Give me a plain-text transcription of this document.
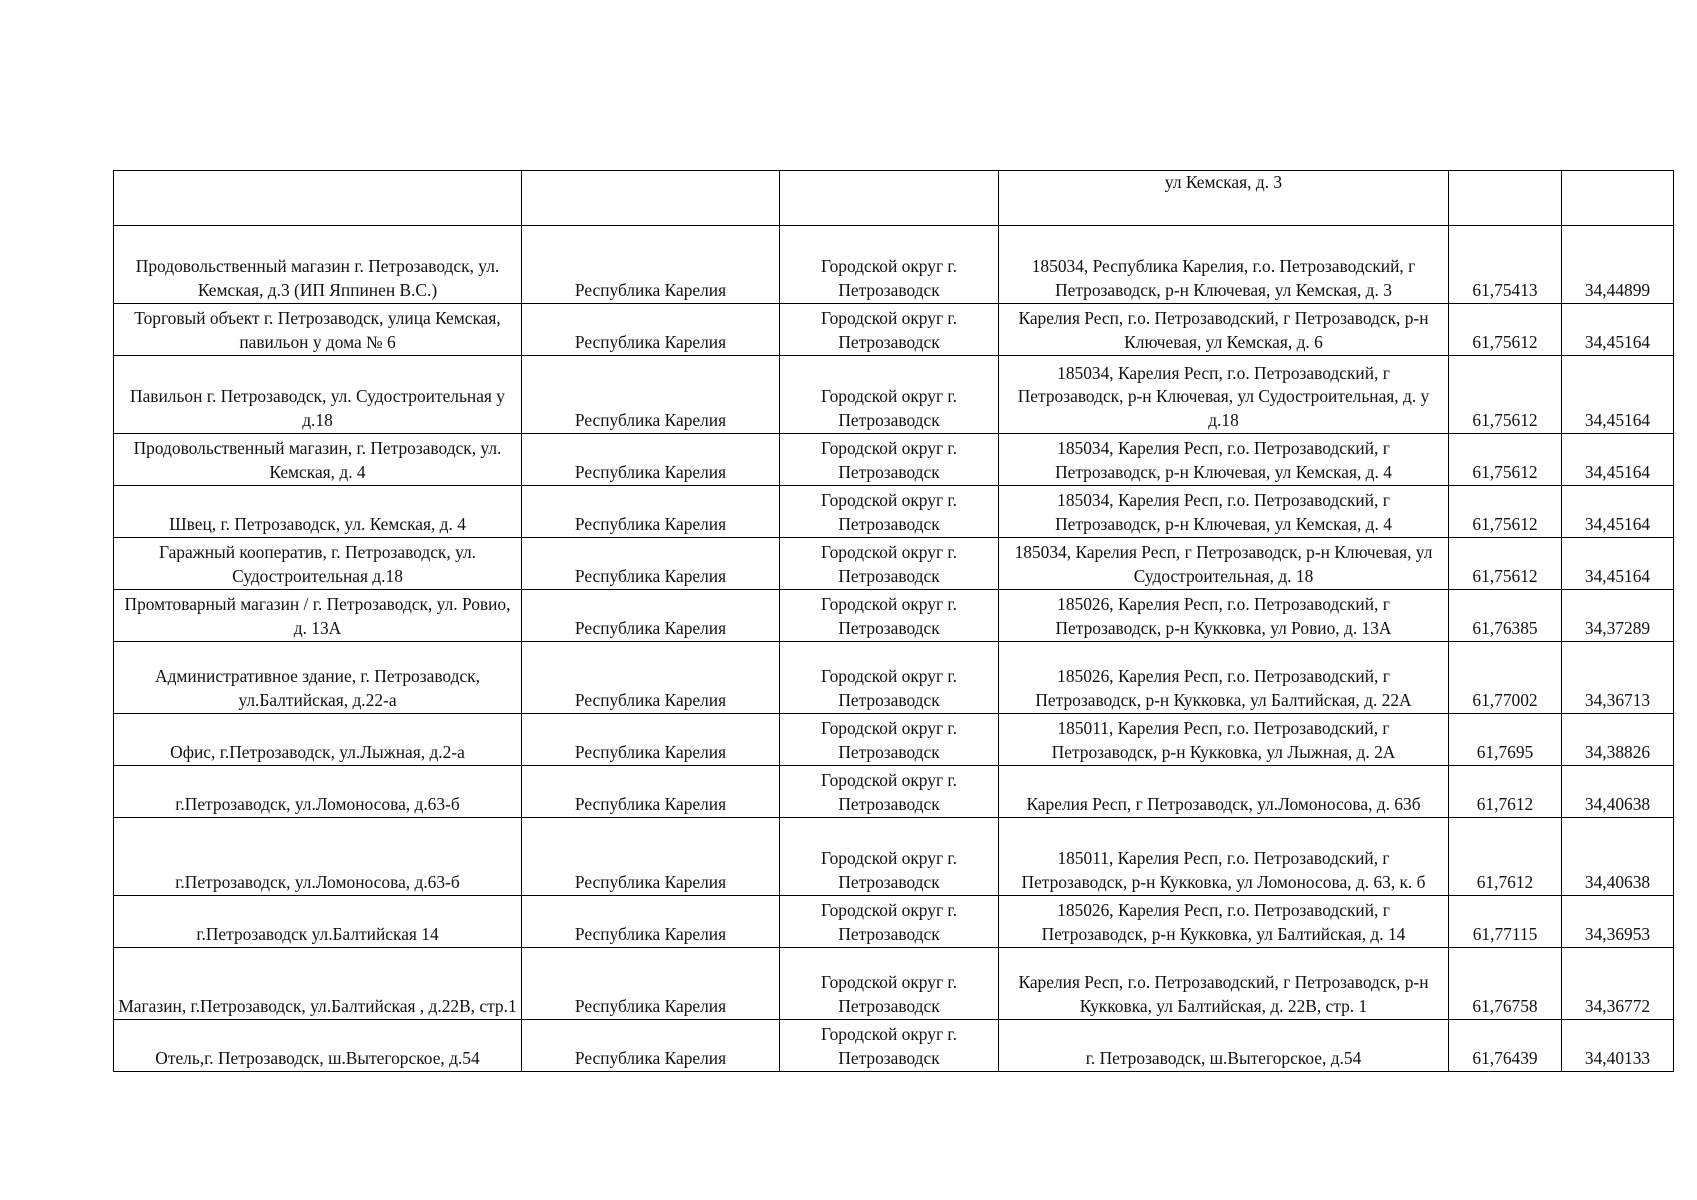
			ул Кемская, д. 3		
Продовольственный магазин г. Петрозаводск, ул. Кемская, д.3 (ИП Яппинен В.С.)	Республика Карелия	Городской округ г. Петрозаводск	185034, Республика Карелия, г.о. Петрозаводский, г Петрозаводск, р-н Ключевая, ул Кемская, д. 3	61,75413	34,44899
Торговый объект г. Петрозаводск, улица Кемская, павильон у дома № 6	Республика Карелия	Городской округ г. Петрозаводск	Карелия Респ, г.о. Петрозаводский, г Петрозаводск, р-н Ключевая, ул Кемская, д. 6	61,75612	34,45164
Павильон г. Петрозаводск, ул. Судостроительная у д.18	Республика Карелия	Городской округ г. Петрозаводск	185034, Карелия Респ, г.о. Петрозаводский, г Петрозаводск, р-н Ключевая, ул Судостроительная, д. у д.18	61,75612	34,45164
Продовольственный магазин, г. Петрозаводск, ул. Кемская, д. 4	Республика Карелия	Городской округ г. Петрозаводск	185034, Карелия Респ, г.о. Петрозаводский, г Петрозаводск, р-н Ключевая, ул Кемская, д. 4	61,75612	34,45164
Швец, г. Петрозаводск, ул. Кемская, д. 4	Республика Карелия	Городской округ г. Петрозаводск	185034, Карелия Респ, г.о. Петрозаводский, г Петрозаводск, р-н Ключевая, ул Кемская, д. 4	61,75612	34,45164
Гаражный кооператив, г. Петрозаводск, ул. Судостроительная д.18	Республика Карелия	Городской округ г. Петрозаводск	185034, Карелия Респ, г Петрозаводск, р-н Ключевая, ул Судостроительная, д. 18	61,75612	34,45164
Промтоварный магазин / г. Петрозаводск, ул. Ровио, д. 13А	Республика Карелия	Городской округ г. Петрозаводск	185026, Карелия Респ, г.о. Петрозаводский, г Петрозаводск, р-н Кукковка, ул Ровио, д. 13А	61,76385	34,37289
Административное здание, г. Петрозаводск, ул.Балтийская, д.22-а	Республика Карелия	Городской округ г. Петрозаводск	185026, Карелия Респ, г.о. Петрозаводский, г Петрозаводск, р-н Кукковка, ул Балтийская, д. 22А	61,77002	34,36713
Офис, г.Петрозаводск, ул.Лыжная, д.2-а	Республика Карелия	Городской округ г. Петрозаводск	185011, Карелия Респ, г.о. Петрозаводский, г Петрозаводск, р-н Кукковка, ул Лыжная, д. 2А	61,7695	34,38826
г.Петрозаводск, ул.Ломоносова, д.63-б	Республика Карелия	Городской округ г. Петрозаводск	Карелия Респ, г Петрозаводск, ул.Ломоносова, д. 63б	61,7612	34,40638
г.Петрозаводск, ул.Ломоносова, д.63-б	Республика Карелия	Городской округ г. Петрозаводск	185011, Карелия Респ, г.о. Петрозаводский, г Петрозаводск, р-н Кукковка, ул Ломоносова, д. 63, к. б	61,7612	34,40638
г.Петрозаводск ул.Балтийская 14	Республика Карелия	Городской округ г. Петрозаводск	185026, Карелия Респ, г.о. Петрозаводский, г Петрозаводск, р-н Кукковка, ул Балтийская, д. 14	61,77115	34,36953
Магазин, г.Петрозаводск, ул.Балтийская , д.22В, стр.1	Республика Карелия	Городской округ г. Петрозаводск	Карелия Респ, г.о. Петрозаводский, г Петрозаводск, р-н Кукковка, ул Балтийская, д. 22В, стр. 1	61,76758	34,36772
Отель,г. Петрозаводск, ш.Вытегорское, д.54	Республика Карелия	Городской округ г. Петрозаводск	г. Петрозаводск, ш.Вытегорское, д.54	61,76439	34,40133
